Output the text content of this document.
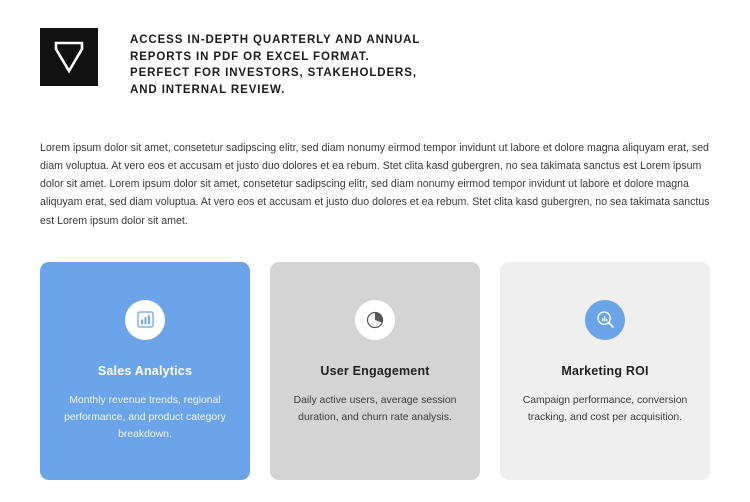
ACCESS IN-DEPTH QUARTERLY AND ANNUAL
REPORTS IN PDF OR EXCEL FORMAT.
PERFECT FOR INVESTORS, STAKEHOLDERS,
AND INTERNAL REVIEW.

Lorem ipsum dolor sit amet, consetetur sadipscing elitr, sed diam nonumy eirmod tempor invidunt ut labore et dolore magna aliquyam erat, sed diam voluptua. At vero eos et accusam et justo duo dolores et ea rebum. Stet clita kasd gubergren, no sea takimata sanctus est Lorem ipsum dolor sit amet. Lorem ipsum dolor sit amet, consetetur sadipscing elitr, sed diam nonumy eirmod tempor invidunt ut labore et dolore magna aliquyam erat, sed diam voluptua. At vero eos et accusam et justo duo dolores et ea rebum. Stet clita kasd gubergren, no sea takimata sanctus est Lorem ipsum dolor sit amet.

Sales Analytics

Monthly revenue trends, regional performance, and product category breakdown.

User Engagement

Daily active users, average session duration, and churn rate analysis.

Marketing ROI

Campaign performance, conversion tracking, and cost per acquisition.
